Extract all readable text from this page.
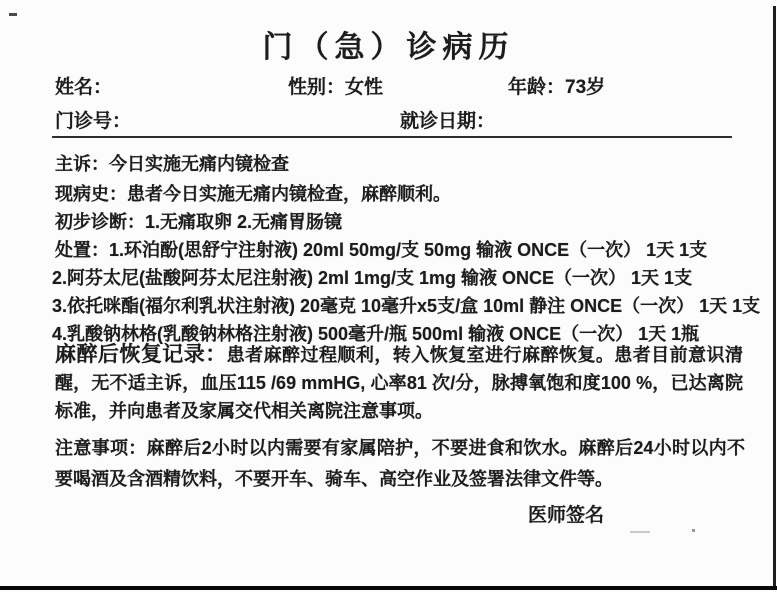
门（急）诊病历
姓名：	性别：女性	年龄：73岁
门诊号：	就诊日期：
主诉：今日实施无痛内镜检查
现病史：患者今日实施无痛内镜检查，麻醉顺利。
初步诊断：1.无痛取卵 2.无痛胃肠镜
处置：1.环泊酚(思舒宁注射液) 20ml 50mg/支 50mg 输液 ONCE（一次） 1天 1支
2.阿芬太尼(盐酸阿芬太尼注射液) 2ml 1mg/支 1mg 输液 ONCE（一次） 1天 1支
3.依托咪酯(福尔利乳状注射液) 20毫克 10毫升x5支/盒 10ml 静注 ONCE（一次） 1天 1支
4.乳酸钠林格(乳酸钠林格注射液) 500毫升/瓶 500ml 输液 ONCE（一次） 1天 1瓶

麻醉后恢复记录：患者麻醉过程顺利，转入恢复室进行麻醉恢复。患者目前意识清醒，无不适主诉，血压115 /69 mmHG, 心率81 次/分，脉搏氧饱和度100 %，已达离院标准，并向患者及家属交代相关离院注意事项。

注意事项：麻醉后2小时以内需要有家属陪护，不要进食和饮水。麻醉后24小时以内不要喝酒及含酒精饮料，不要开车、骑车、高空作业及签署法律文件等。

医师签名
